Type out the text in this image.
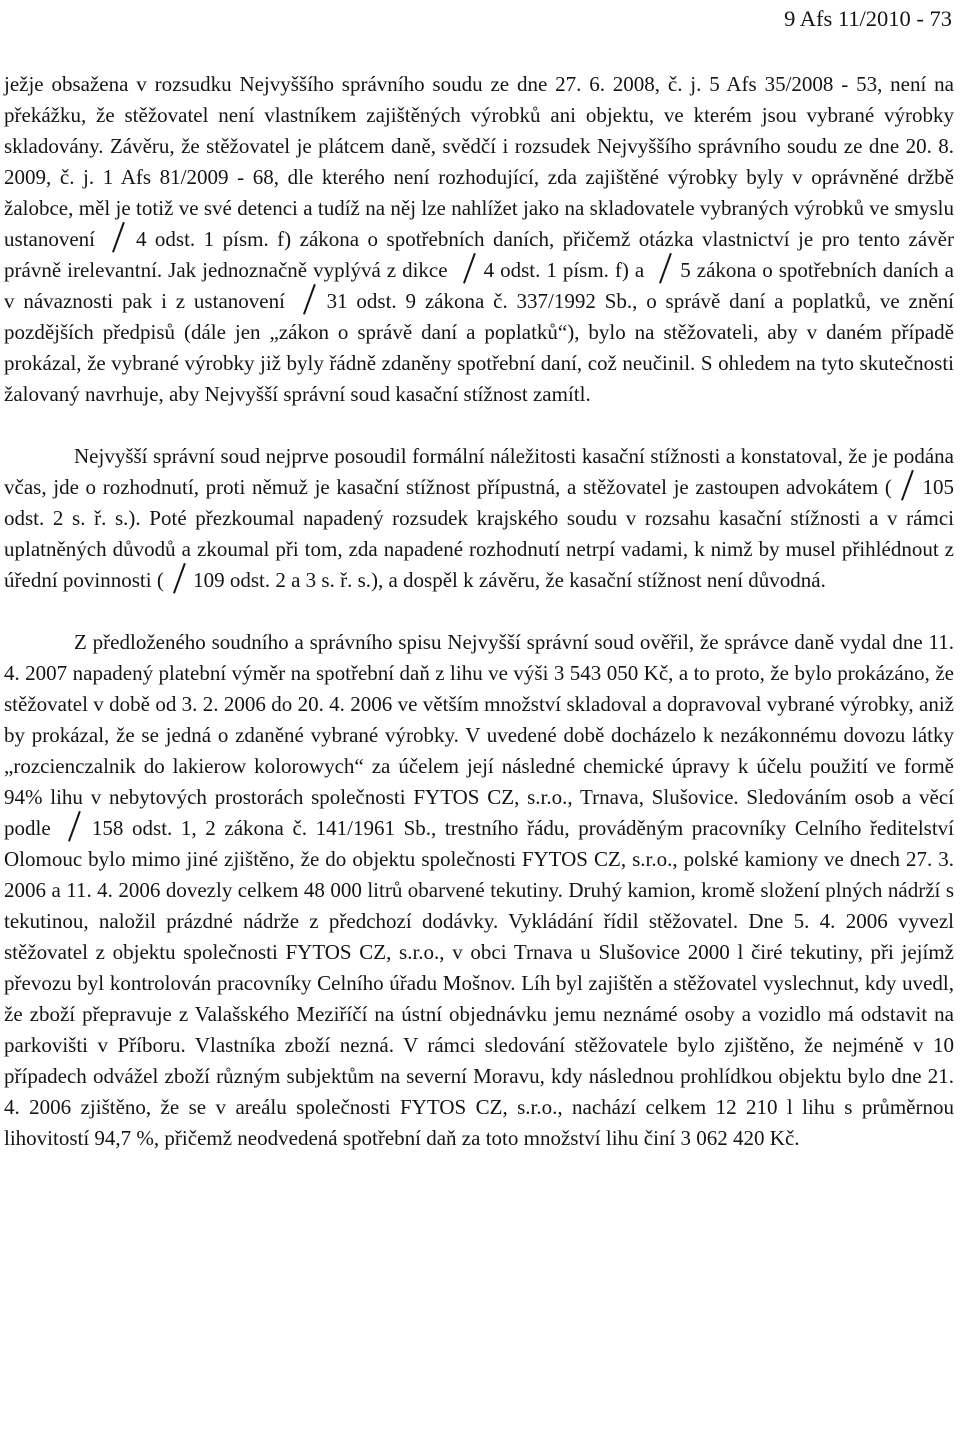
9 Afs 11/2010 - 73

ježje obsažena v rozsudku Nejvyššího správního soudu ze dne 27. 6. 2008, č. j. 5 Afs 35/2008 - 53, není na překážku, že stěžovatel není vlastníkem zajištěných výrobků ani objektu, ve kterém jsou vybrané výrobky skladovány. Závěru, že stěžovatel je plátcem daně, svědčí i rozsudek Nejvyššího správního soudu ze dne 20. 8. 2009, č. j. 1 Afs 81/2009 - 68, dle kterého není rozhodující, zda zajištěné výrobky byly v oprávněné držbě žalobce, měl je totiž ve své detenci a tudíž na něj lze nahlížet jako na skladovatele vybraných výrobků ve smyslu ustanovení  4 odst. 1 písm. f) zákona o spotřebních daních, přičemž otázka vlastnictví je pro tento závěr právně irelevantní. Jak jednoznačně vyplývá z dikce  4 odst. 1 písm. f) a  5 zákona o spotřebních daních a v návaznosti pak i z ustanovení  31 odst. 9 zákona č. 337/1992 Sb., o správě daní a poplatků, ve znění pozdějších předpisů (dále jen „zákon o správě daní a poplatků“), bylo na stěžovateli, aby v daném případě prokázal, že vybrané výrobky již byly řádně zdaněny spotřební daní, což neučinil. S ohledem na tyto skutečnosti žalovaný navrhuje, aby Nejvyšší správní soud kasační stížnost zamítl.

Nejvyšší správní soud nejprve posoudil formální náležitosti kasační stížnosti a konstatoval, že je podána včas, jde o rozhodnutí, proti němuž je kasační stížnost přípustná, a stěžovatel je zastoupen advokátem ( 105 odst. 2 s. ř. s.). Poté přezkoumal napadený rozsudek krajského soudu v rozsahu kasační stížnosti a v rámci uplatněných důvodů a zkoumal při tom, zda napadené rozhodnutí netrpí vadami, k nimž by musel přihlédnout z úřední povinnosti ( 109 odst. 2 a 3 s. ř. s.), a dospěl k závěru, že kasační stížnost není důvodná.

Z předloženého soudního a správního spisu Nejvyšší správní soud ověřil, že správce daně vydal dne 11. 4. 2007 napadený platební výměr na spotřební daň z lihu ve výši 3 543 050 Kč, a to proto, že bylo prokázáno, že stěžovatel v době od 3. 2. 2006 do 20. 4. 2006 ve větším množství skladoval a dopravoval vybrané výrobky, aniž by prokázal, že se jedná o zdaněné vybrané výrobky. V uvedené době docházelo k nezákonnému dovozu látky „rozcienczalnik do lakierow kolorowych“ za účelem její následné chemické úpravy k účelu použití ve formě 94% lihu v nebytových prostorách společnosti FYTOS CZ, s.r.o., Trnava, Slušovice. Sledováním osob a věcí podle  158 odst. 1, 2 zákona č. 141/1961 Sb., trestního řádu, prováděným pracovníky Celního ředitelství Olomouc bylo mimo jiné zjištěno, že do objektu společnosti FYTOS CZ, s.r.o., polské kamiony ve dnech 27. 3. 2006 a 11. 4. 2006 dovezly celkem 48 000 litrů obarvené tekutiny. Druhý kamion, kromě složení plných nádrží s tekutinou, naložil prázdné nádrže z předchozí dodávky. Vykládání řídil stěžovatel. Dne 5. 4. 2006 vyvezl stěžovatel z objektu společnosti FYTOS CZ, s.r.o., v obci Trnava u Slušovice 2000 l čiré tekutiny, při jejímž převozu byl kontrolován pracovníky Celního úřadu Mošnov. Líh byl zajištěn a stěžovatel vyslechnut, kdy uvedl, že zboží přepravuje z Valašského Meziříčí na ústní objednávku jemu neznámé osoby a vozidlo má odstavit na parkovišti v Příboru. Vlastníka zboží nezná. V rámci sledování stěžovatele bylo zjištěno, že nejméně v 10 případech odvážel zboží různým subjektům na severní Moravu, kdy následnou prohlídkou objektu bylo dne 21. 4. 2006 zjištěno, že se v areálu společnosti FYTOS CZ, s.r.o., nachází celkem 12 210 l lihu s průměrnou lihovitostí 94,7 %, přičemž neodvedená spotřební daň za toto množství lihu činí 3 062 420 Kč.
